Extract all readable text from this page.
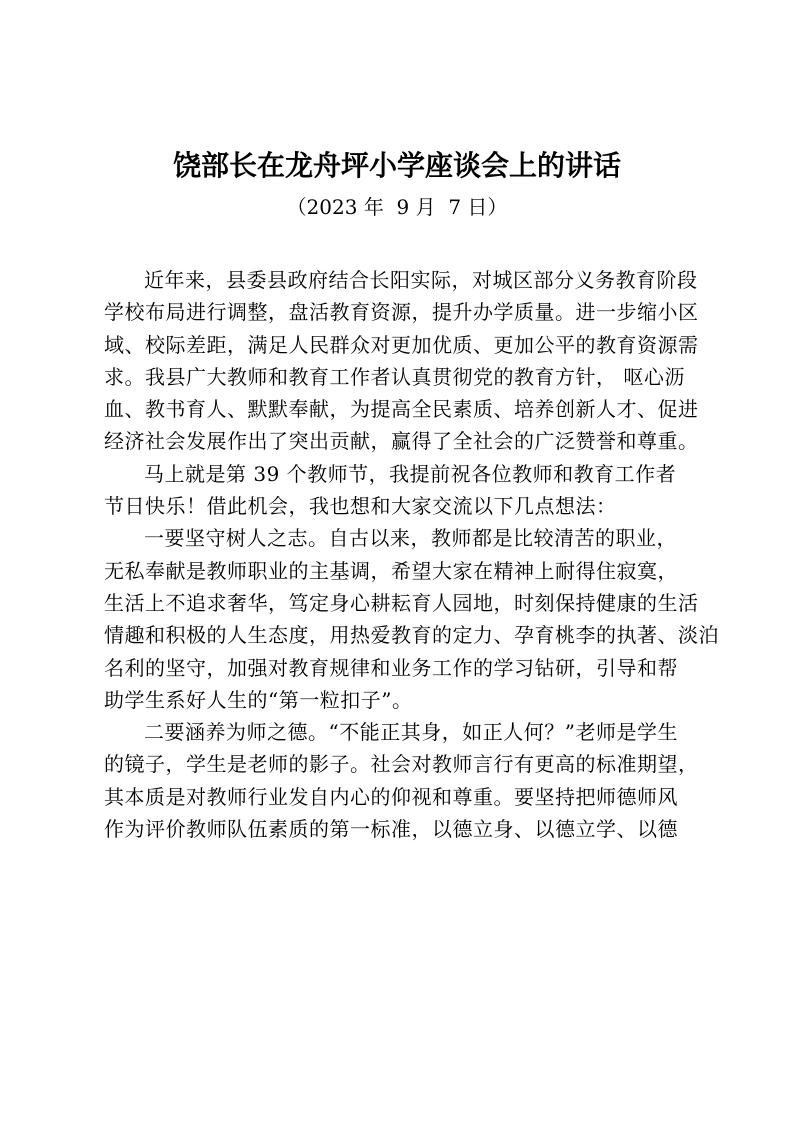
饶部长在龙舟坪小学座谈会上的讲话
（2023 年  9 月  7 日）
近年来，县委县政府结合长阳实际，对城区部分义务教育阶段
学校布局进行调整，盘活教育资源，提升办学质量。进一步缩小区
域、校际差距，满足人民群众对更加优质、更加公平的教育资源需
求。我县广大教师和教育工作者认真贯彻党的教育方针， 呕心沥
血、教书育人、默默奉献，为提高全民素质、培养创新人才、促进
经济社会发展作出了突出贡献，赢得了全社会的广泛赞誉和尊重。
马上就是第 39 个教师节，我提前祝各位教师和教育工作者
节日快乐！借此机会，我也想和大家交流以下几点想法：
一要坚守树人之志。自古以来，教师都是比较清苦的职业，
无私奉献是教师职业的主基调，希望大家在精神上耐得住寂寞，
生活上不追求奢华，笃定身心耕耘育人园地，时刻保持健康的生活
情趣和积极的人生态度，用热爱教育的定力、孕育桃李的执著、淡泊
名利的坚守，加强对教育规律和业务工作的学习钻研，引导和帮
助学生系好人生的“第一粒扣子”。
二要涵养为师之德。“不能正其身，如正人何？”老师是学生
的镜子，学生是老师的影子。社会对教师言行有更高的标准期望，
其本质是对教师行业发自内心的仰视和尊重。要坚持把师德师风
作为评价教师队伍素质的第一标准，以德立身、以德立学、以德
